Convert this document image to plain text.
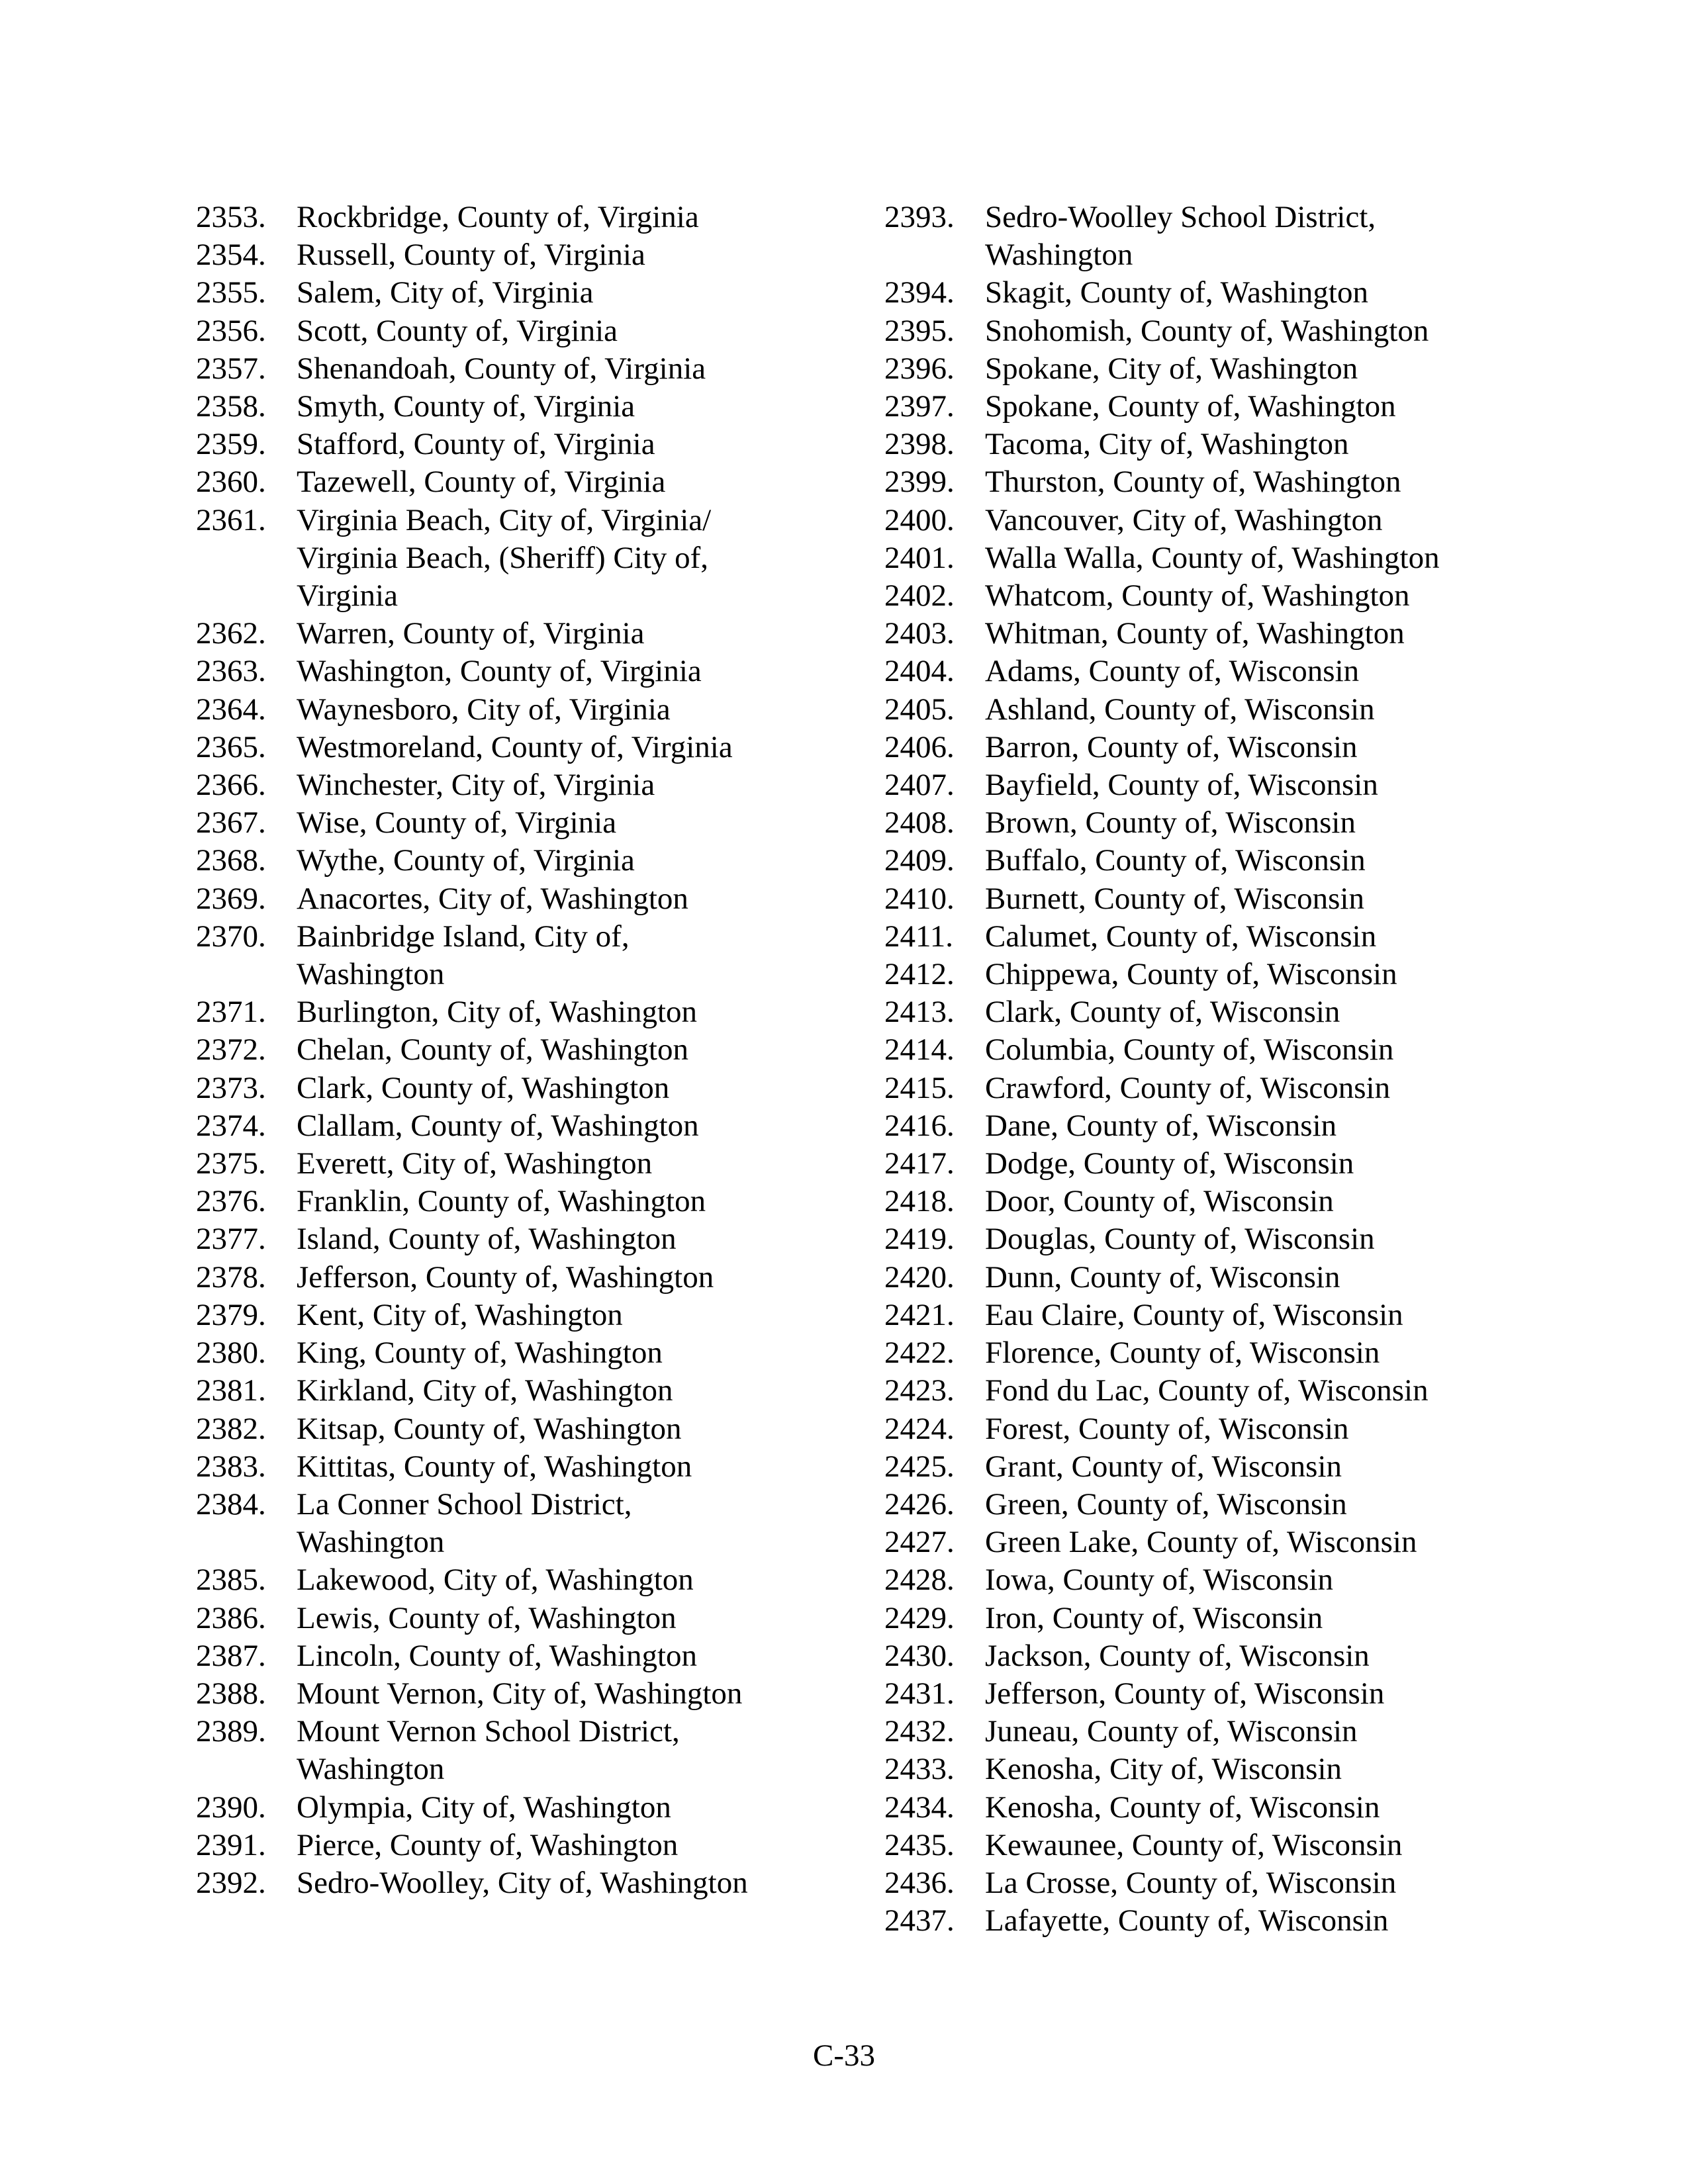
2353. Rockbridge, County of, Virginia
2354. Russell, County of, Virginia
2355. Salem, City of, Virginia
2356. Scott, County of, Virginia
2357. Shenandoah, County of, Virginia
2358. Smyth, County of, Virginia
2359. Stafford, County of, Virginia
2360. Tazewell, County of, Virginia
2361. Virginia Beach, City of, Virginia/
Virginia Beach, (Sheriff) City of,
Virginia
2362. Warren, County of, Virginia
2363. Washington, County of, Virginia
2364. Waynesboro, City of, Virginia
2365. Westmoreland, County of, Virginia
2366. Winchester, City of, Virginia
2367. Wise, County of, Virginia
2368. Wythe, County of, Virginia
2369. Anacortes, City of, Washington
2370. Bainbridge Island, City of,
Washington
2371. Burlington, City of, Washington
2372. Chelan, County of, Washington
2373. Clark, County of, Washington
2374. Clallam, County of, Washington
2375. Everett, City of, Washington
2376. Franklin, County of, Washington
2377. Island, County of, Washington
2378. Jefferson, County of, Washington
2379. Kent, City of, Washington
2380. King, County of, Washington
2381. Kirkland, City of, Washington
2382. Kitsap, County of, Washington
2383. Kittitas, County of, Washington
2384. La Conner School District,
Washington
2385. Lakewood, City of, Washington
2386. Lewis, County of, Washington
2387. Lincoln, County of, Washington
2388. Mount Vernon, City of, Washington
2389. Mount Vernon School District,
Washington
2390. Olympia, City of, Washington
2391. Pierce, County of, Washington
2392. Sedro-Woolley, City of, Washington
2393. Sedro-Woolley School District,
Washington
2394. Skagit, County of, Washington
2395. Snohomish, County of, Washington
2396. Spokane, City of, Washington
2397. Spokane, County of, Washington
2398. Tacoma, City of, Washington
2399. Thurston, County of, Washington
2400. Vancouver, City of, Washington
2401. Walla Walla, County of, Washington
2402. Whatcom, County of, Washington
2403. Whitman, County of, Washington
2404. Adams, County of, Wisconsin
2405. Ashland, County of, Wisconsin
2406. Barron, County of, Wisconsin
2407. Bayfield, County of, Wisconsin
2408. Brown, County of, Wisconsin
2409. Buffalo, County of, Wisconsin
2410. Burnett, County of, Wisconsin
2411.	Calumet, County of, Wisconsin
2412. Chippewa, County of, Wisconsin
2413. Clark, County of, Wisconsin
2414. Columbia, County of, Wisconsin
2415. Crawford, County of, Wisconsin
2416. Dane, County of, Wisconsin
2417. Dodge, County of, Wisconsin
2418. Door, County of, Wisconsin
2419. Douglas, County of, Wisconsin
2420. Dunn, County of, Wisconsin
2421. Eau Claire, County of, Wisconsin
2422. Florence, County of, Wisconsin
2423. Fond du Lac, County of, Wisconsin
2424. Forest, County of, Wisconsin
2425. Grant, County of, Wisconsin
2426. Green, County of, Wisconsin
2427. Green Lake, County of, Wisconsin
2428. Iowa, County of, Wisconsin
2429. Iron, County of, Wisconsin
2430. Jackson, County of, Wisconsin
2431. Jefferson, County of, Wisconsin
2432. Juneau, County of, Wisconsin
2433. Kenosha, City of, Wisconsin
2434. Kenosha, County of, Wisconsin
2435. Kewaunee, County of, Wisconsin
2436. La Crosse, County of, Wisconsin
2437. Lafayette, County of, Wisconsin
C-33
